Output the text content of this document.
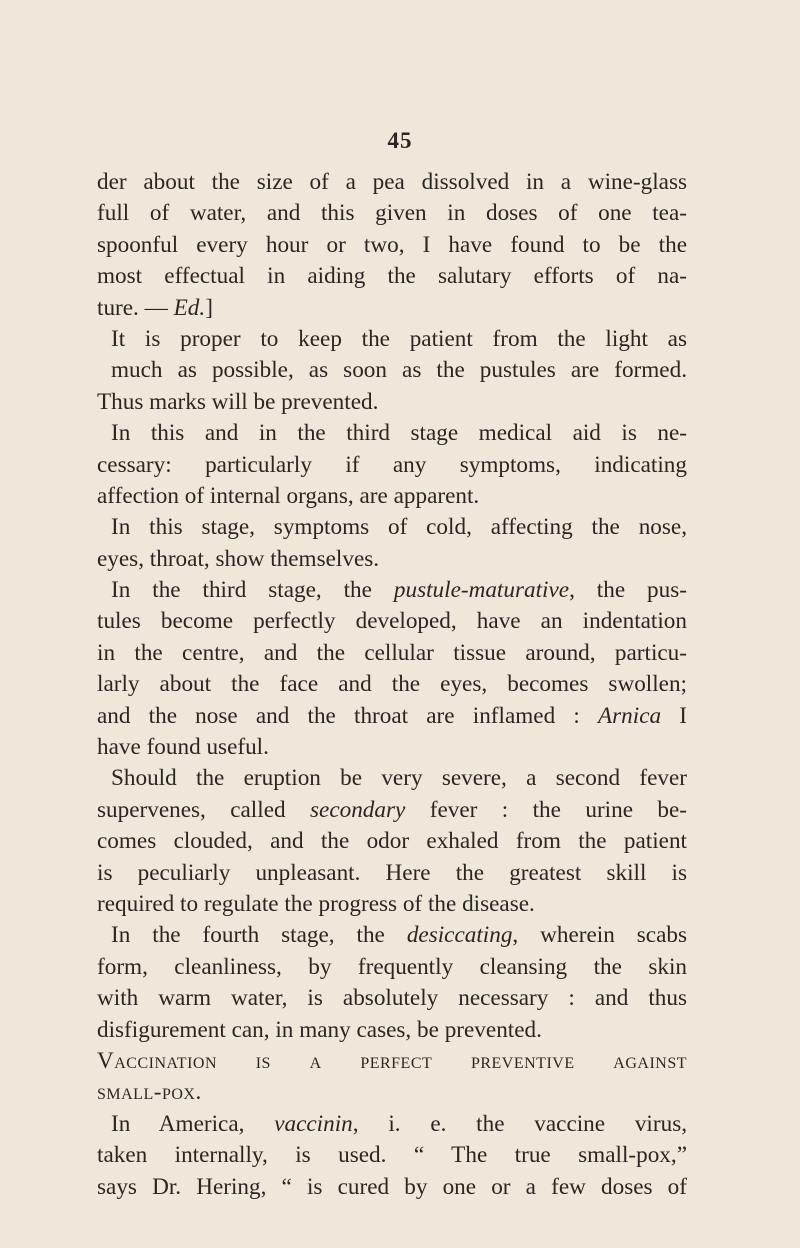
45
der about the size of a pea dissolved in a wine-glass
full of water, and this given in doses of one tea-
spoonful every hour or two, I have found to be the
most effectual in aiding the salutary efforts of na-
ture. — Ed.]
It is proper to keep the patient from the light as
much as possible, as soon as the pustules are formed.
Thus marks will be prevented.
In this and in the third stage medical aid is ne-
cessary: particularly if any symptoms, indicating
affection of internal organs, are apparent.
In this stage, symptoms of cold, affecting the nose,
eyes, throat, show themselves.
In the third stage, the pustule-maturative, the pus-
tules become perfectly developed, have an indentation
in the centre, and the cellular tissue around, particu-
larly about the face and the eyes, becomes swollen;
and the nose and the throat are inflamed : Arnica I
have found useful.
Should the eruption be very severe, a second fever
supervenes, called secondary fever : the urine be-
comes clouded, and the odor exhaled from the patient
is peculiarly unpleasant. Here the greatest skill is
required to regulate the progress of the disease.
In the fourth stage, the desiccating, wherein scabs
form, cleanliness, by frequently cleansing the skin
with warm water, is absolutely necessary : and thus
disfigurement can, in many cases, be prevented.
Vaccination is a perfect preventive against
small-pox.
In America, vaccinin, i. e. the vaccine virus,
taken internally, is used. “ The true small-pox,”
says Dr. Hering, “ is cured by one or a few doses of
